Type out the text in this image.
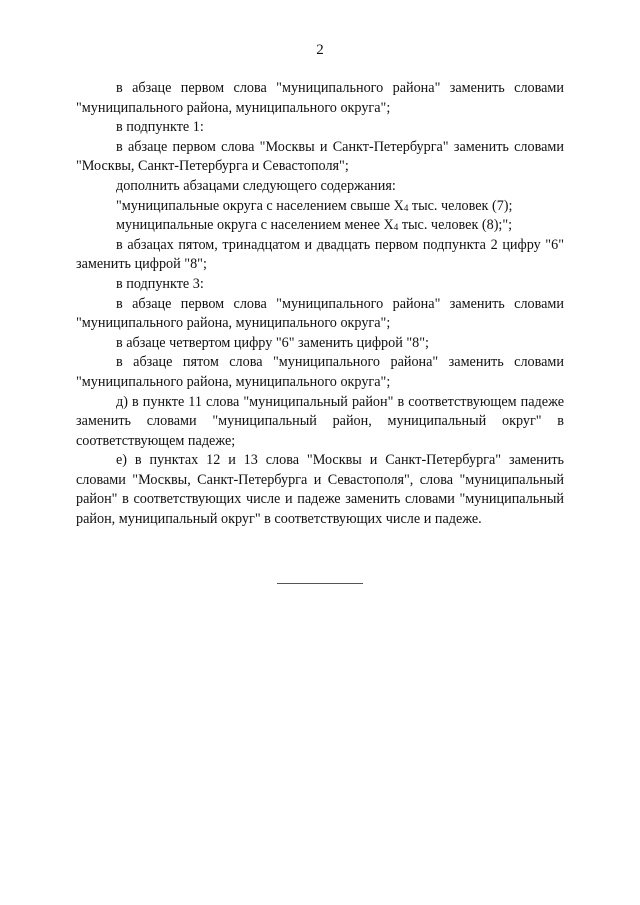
2

в абзаце первом слова "муниципального района" заменить словами "муниципального района, муниципального округа";

в подпункте 1:

в абзаце первом слова "Москвы и Санкт-Петербурга" заменить словами "Москвы, Санкт-Петербурга и Севастополя";

дополнить абзацами следующего содержания:

"муниципальные округа с населением свыше X4 тыс. человек (7);

муниципальные округа с населением менее X4 тыс. человек (8);";

в абзацах пятом, тринадцатом и двадцать первом подпункта 2 цифру "6" заменить цифрой "8";

в подпункте 3:

в абзаце первом слова "муниципального района" заменить словами "муниципального района, муниципального округа";

в абзаце четвертом цифру "6" заменить цифрой "8";

в абзаце пятом слова "муниципального района" заменить словами "муниципального района, муниципального округа";

д) в пункте 11 слова "муниципальный район" в соответствующем падеже заменить словами "муниципальный район, муниципальный округ" в соответствующем падеже;

е) в пунктах 12 и 13 слова "Москвы и Санкт-Петербурга" заменить словами "Москвы, Санкт-Петербурга и Севастополя", слова "муниципальный район" в соответствующих числе и падеже заменить словами "муниципальный район, муниципальный округ" в соответствующих числе и падеже.
